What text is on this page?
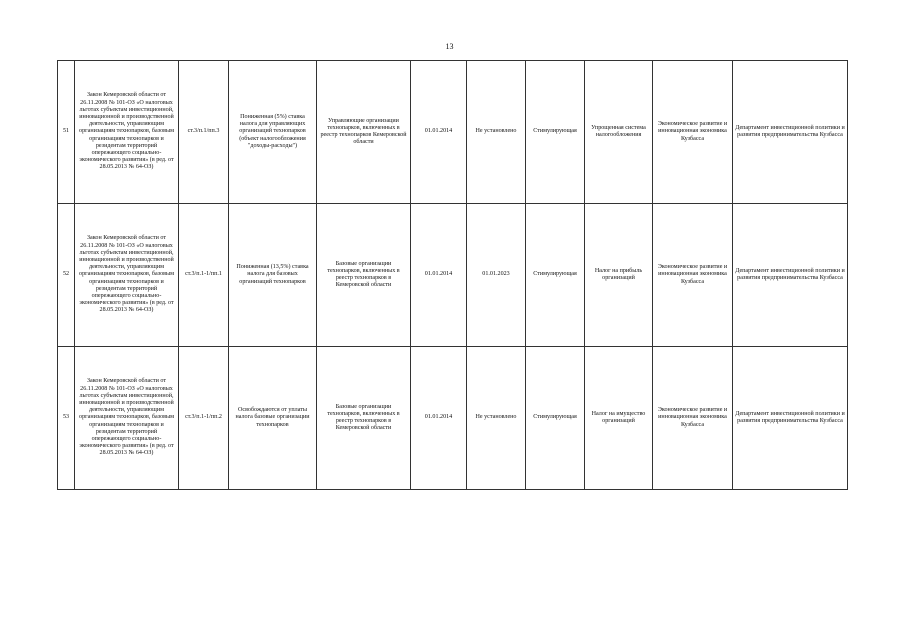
13
51	Закон Кемеровской области от 26.11.2008 № 101-ОЗ «О налоговых льготах субъектам инвестиционной, инновационной и производственной деятельности, управляющим организациям технопарков, базовым организациям технопарков и резидентам территорий опережающего социально-экономического развития» (в ред. от 28.05.2013 № 64-ОЗ)	ст.3/п.1/пп.3	Пониженная (5%) ставка налога для управляющих организаций технопарков (объект налогообложения "доходы-расходы")	Управляющие организации технопарков, включенных в реестр технопарков Кемеровской области	01.01.2014	Не установлено	Стимулирующая	Упрощенная система налогообложения	Экономическое развитие и инновационная экономика Кузбасса	Департамент инвестиционной политики и развития предпринимательства Кузбасса
52	Закон Кемеровской области от 26.11.2008 № 101-ОЗ «О налоговых льготах субъектам инвестиционной, инновационной и производственной деятельности, управляющим организациям технопарков, базовым организациям технопарков и резидентам территорий опережающего социально-экономического развития» (в ред. от 28.05.2013 № 64-ОЗ)	ст.3/п.1-1/пп.1	Пониженная (13,5%) ставка налога для базовых организаций технопарков	Базовые организации технопарков, включенных в реестр технопарков в Кемеровской области	01.01.2014	01.01.2023	Стимулирующая	Налог на прибыль организаций	Экономическое развитие и инновационная экономика Кузбасса	Департамент инвестиционной политики и развития предпринимательства Кузбасса
53	Закон Кемеровской области от 26.11.2008 № 101-ОЗ «О налоговых льготах субъектам инвестиционной, инновационной и производственной деятельности, управляющим организациям технопарков, базовым организациям технопарков и резидентам территорий опережающего социально-экономического развития» (в ред. от 28.05.2013 № 64-ОЗ)	ст.3/п.1-1/пп.2	Освобождаются от уплаты налога базовые организации технопарков	Базовые организации технопарков, включенных в реестр технопарков в Кемеровской области	01.01.2014	Не установлено	Стимулирующая	Налог на имущество организаций	Экономическое развитие и инновационная экономика Кузбасса	Департамент инвестиционной политики и развития предпринимательства Кузбасса
